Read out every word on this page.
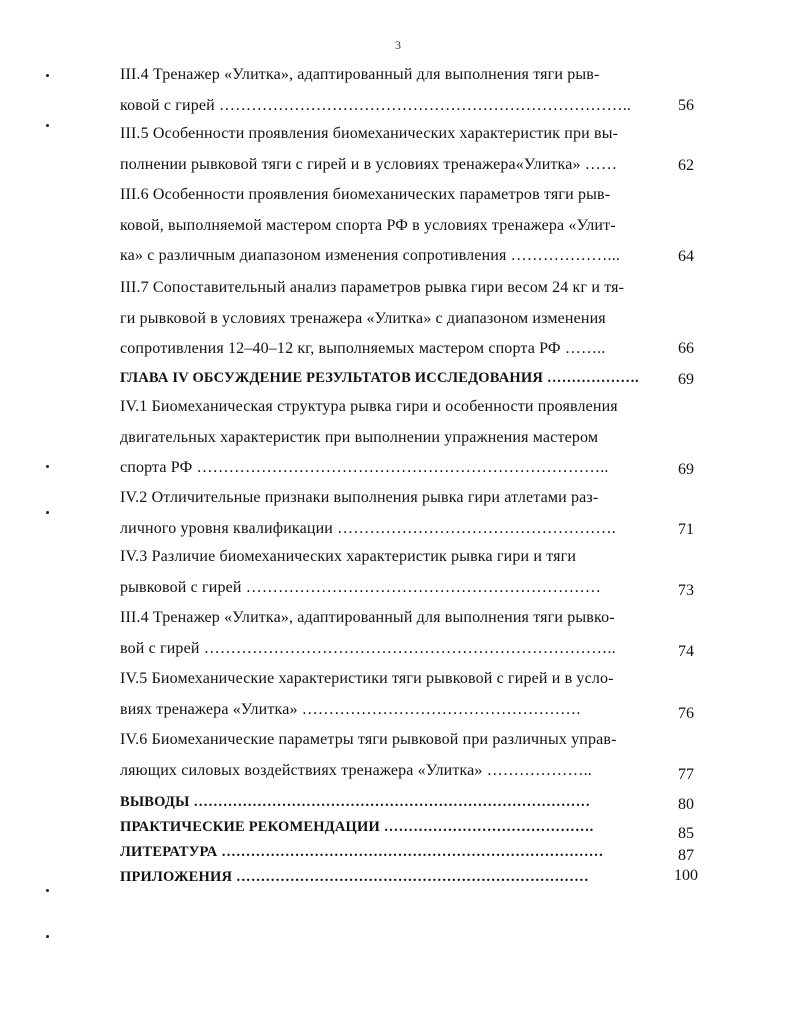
3
III.4 Тренажер «Улитка», адаптированный для выполнения тяги рыв-
ковой с гирей …………………………………………………………………..	56
III.5 Особенности проявления биомеханических характеристик при вы-
полнении рывковой тяги с гирей и в условиях тренажера«Улитка» ……	62
III.6 Особенности проявления биомеханических параметров тяги рыв-
ковой, выполняемой мастером спорта РФ в условиях тренажера «Улит-
ка» с различным диапазоном изменения сопротивления ………………...	64
III.7 Сопоставительный анализ параметров рывка гири весом 24 кг и тя-
ги рывковой в условиях тренажера «Улитка» с диапазоном изменения
сопротивления 12–40–12 кг, выполняемых мастером спорта РФ ……..	66
ГЛАВА IV ОБСУЖДЕНИЕ РЕЗУЛЬТАТОВ ИССЛЕДОВАНИЯ ……………….	69
IV.1 Биомеханическая структура рывка гири и особенности проявления
двигательных характеристик при выполнении упражнения мастером
спорта РФ …………………………………………………………………..	69
IV.2 Отличительные признаки выполнения рывка гири атлетами раз-
личного уровня квалификации …………………………………………….	71
IV.3 Различие биомеханических характеристик рывка гири и тяги
рывковой с гирей …………………………………………………………	73
III.4 Тренажер «Улитка», адаптированный для выполнения тяги рывко-
вой с гирей …………………………………………………………………..	74
IV.5 Биомеханические характеристики тяги рывковой с гирей и в усло-
виях тренажера «Улитка» …………………………………………….	76
IV.6 Биомеханические параметры тяги рывковой при различных управ-
ляющих силовых воздействиях тренажера «Улитка» ………………..	77
ВЫВОДЫ ………………………………………………………………………	80
ПРАКТИЧЕСКИЕ РЕКОМЕНДАЦИИ …………………………………….	85
ЛИТЕРАТУРА ……………………………………………………………………	87
ПРИЛОЖЕНИЯ ………………………………………………………………	100
